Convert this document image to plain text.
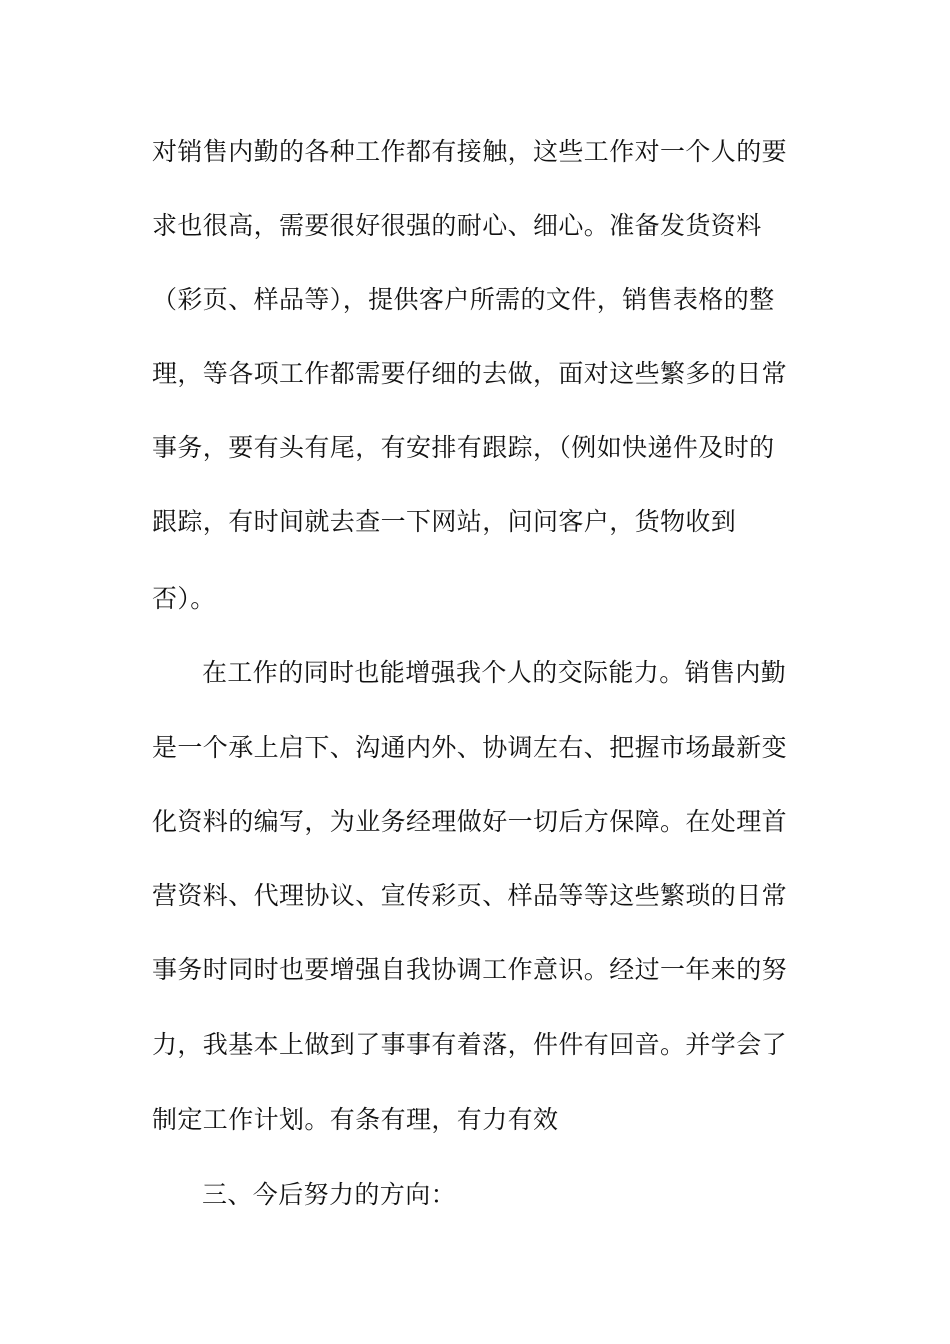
对销售内勤的各种工作都有接触，这些工作对一个人的要
求也很高，需要很好很强的耐心、细心。准备发货资料
（彩页、样品等），提供客户所需的文件，销售表格的整
理，等各项工作都需要仔细的去做，面对这些繁多的日常
事务，要有头有尾，有安排有跟踪，（例如快递件及时的
跟踪，有时间就去查一下网站，问问客户，货物收到
否）。
在工作的同时也能增强我个人的交际能力。销售内勤
是一个承上启下、沟通内外、协调左右、把握市场最新变
化资料的编写，为业务经理做好一切后方保障。在处理首
营资料、代理协议、宣传彩页、样品等等这些繁琐的日常
事务时同时也要增强自我协调工作意识。经过一年来的努
力，我基本上做到了事事有着落，件件有回音。并学会了
制定工作计划。有条有理，有力有效
三、今后努力的方向：
